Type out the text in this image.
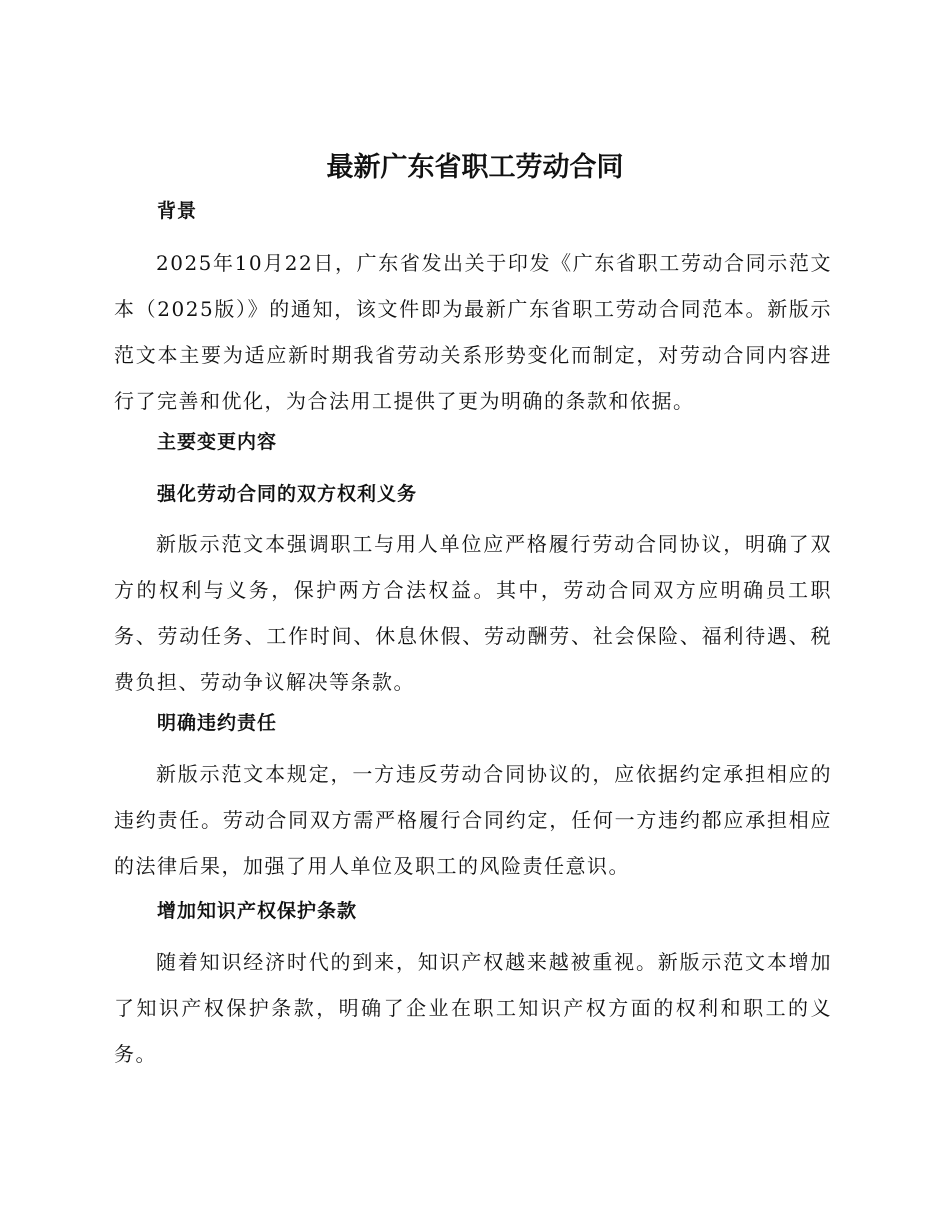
最新广东省职工劳动合同
背景

2025年10月22日，广东省发出关于印发《广东省职工劳动合同示范文本（2025版）》的通知，该文件即为最新广东省职工劳动合同范本。新版示范文本主要为适应新时期我省劳动关系形势变化而制定，对劳动合同内容进行了完善和优化，为合法用工提供了更为明确的条款和依据。

主要变更内容
强化劳动合同的双方权利义务

新版示范文本强调职工与用人单位应严格履行劳动合同协议，明确了双方的权利与义务，保护两方合法权益。其中，劳动合同双方应明确员工职务、劳动任务、工作时间、休息休假、劳动酬劳、社会保险、福利待遇、税费负担、劳动争议解决等条款。

明确违约责任

新版示范文本规定，一方违反劳动合同协议的，应依据约定承担相应的违约责任。劳动合同双方需严格履行合同约定，任何一方违约都应承担相应的法律后果，加强了用人单位及职工的风险责任意识。

增加知识产权保护条款

随着知识经济时代的到来，知识产权越来越被重视。新版示范文本增加了知识产权保护条款，明确了企业在职工知识产权方面的权利和职工的义务。
